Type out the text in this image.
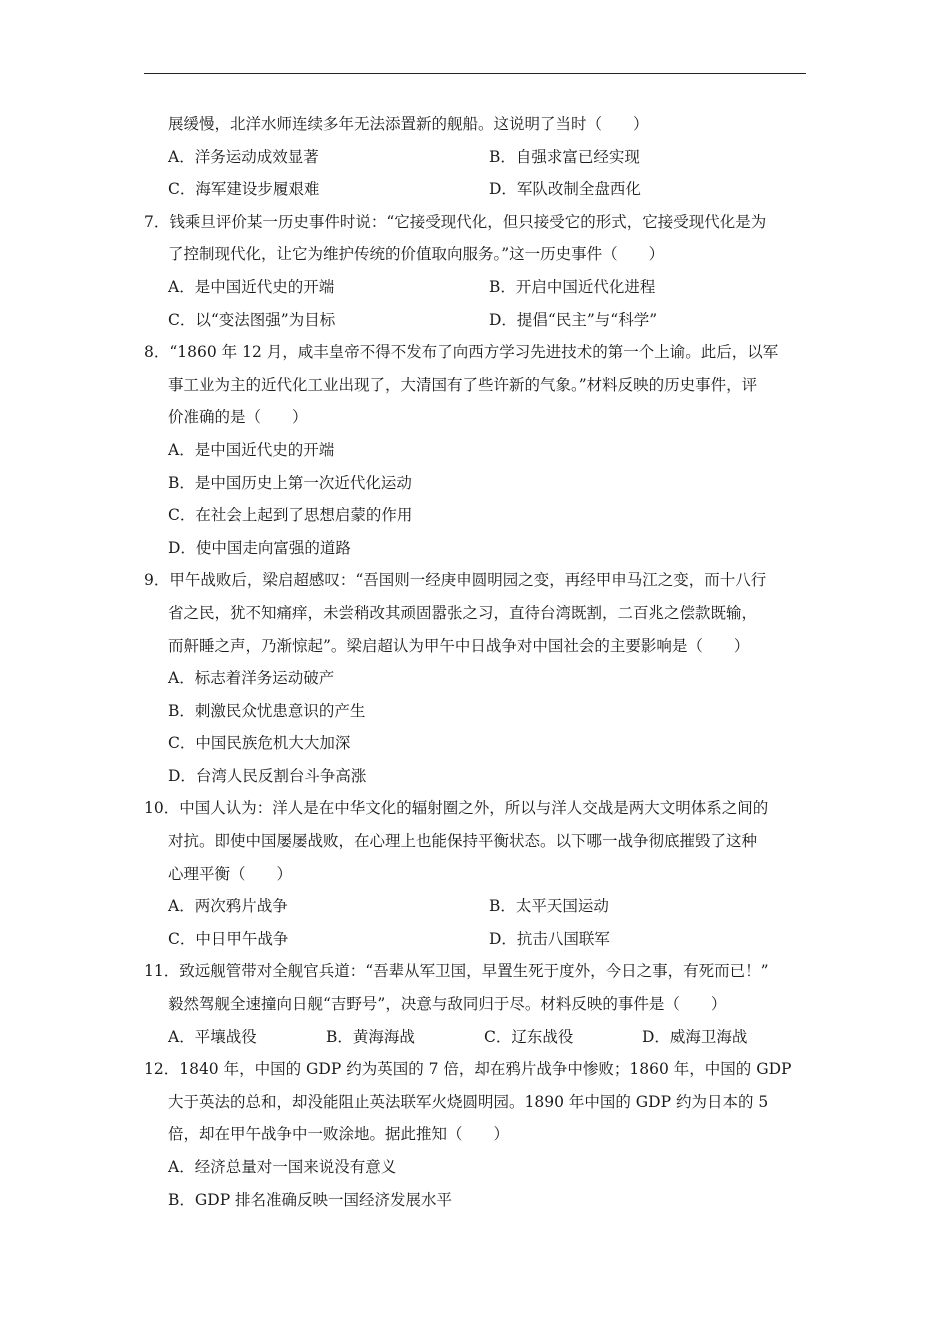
展缓慢，北洋水师连续多年无法添置新的舰船。这说明了当时（　　）
A．洋务运动成效显著	B．自强求富已经实现
C．海军建设步履艰难	D．军队改制全盘西化
7．钱乘旦评价某一历史事件时说：“它接受现代化，但只接受它的形式，它接受现代化是为
了控制现代化，让它为维护传统的价值取向服务。”这一历史事件（　　）
A．是中国近代史的开端	B．开启中国近代化进程
C．以“变法图强”为目标	D．提倡“民主”与“科学”
8．“1860 年 12 月，咸丰皇帝不得不发布了向西方学习先进技术的第一个上谕。此后，以军
事工业为主的近代化工业出现了，大清国有了些许新的气象。”材料反映的历史事件，评
价准确的是（　　）
A．是中国近代史的开端
B．是中国历史上第一次近代化运动
C．在社会上起到了思想启蒙的作用
D．使中国走向富强的道路
9．甲午战败后，梁启超感叹：“吾国则一经庚申圆明园之变，再经甲申马江之变，而十八行
省之民，犹不知痛痒，未尝稍改其顽固嚣张之习，直待台湾既割，二百兆之偿款既输，
而鼾睡之声，乃渐惊起”。梁启超认为甲午中日战争对中国社会的主要影响是（　　）
A．标志着洋务运动破产
B．刺激民众忧患意识的产生
C．中国民族危机大大加深
D．台湾人民反割台斗争高涨
10．中国人认为：洋人是在中华文化的辐射圈之外，所以与洋人交战是两大文明体系之间的
对抗。即使中国屡屡战败，在心理上也能保持平衡状态。以下哪一战争彻底摧毁了这种
心理平衡（　　）
A．两次鸦片战争	B．太平天国运动
C．中日甲午战争	D．抗击八国联军
11．致远舰管带对全舰官兵道：“吾辈从军卫国，早置生死于度外，今日之事，有死而已！”
毅然驾舰全速撞向日舰“吉野号”，决意与敌同归于尽。材料反映的事件是（　　）
A．平壤战役	B．黄海海战	C．辽东战役	D．威海卫海战
12．1840 年，中国的 GDP 约为英国的 7 倍，却在鸦片战争中惨败；1860 年，中国的 GDP
大于英法的总和，却没能阻止英法联军火烧圆明园。1890 年中国的 GDP 约为日本的 5
倍，却在甲午战争中一败涂地。据此推知（　　）
A．经济总量对一国来说没有意义
B．GDP 排名准确反映一国经济发展水平
